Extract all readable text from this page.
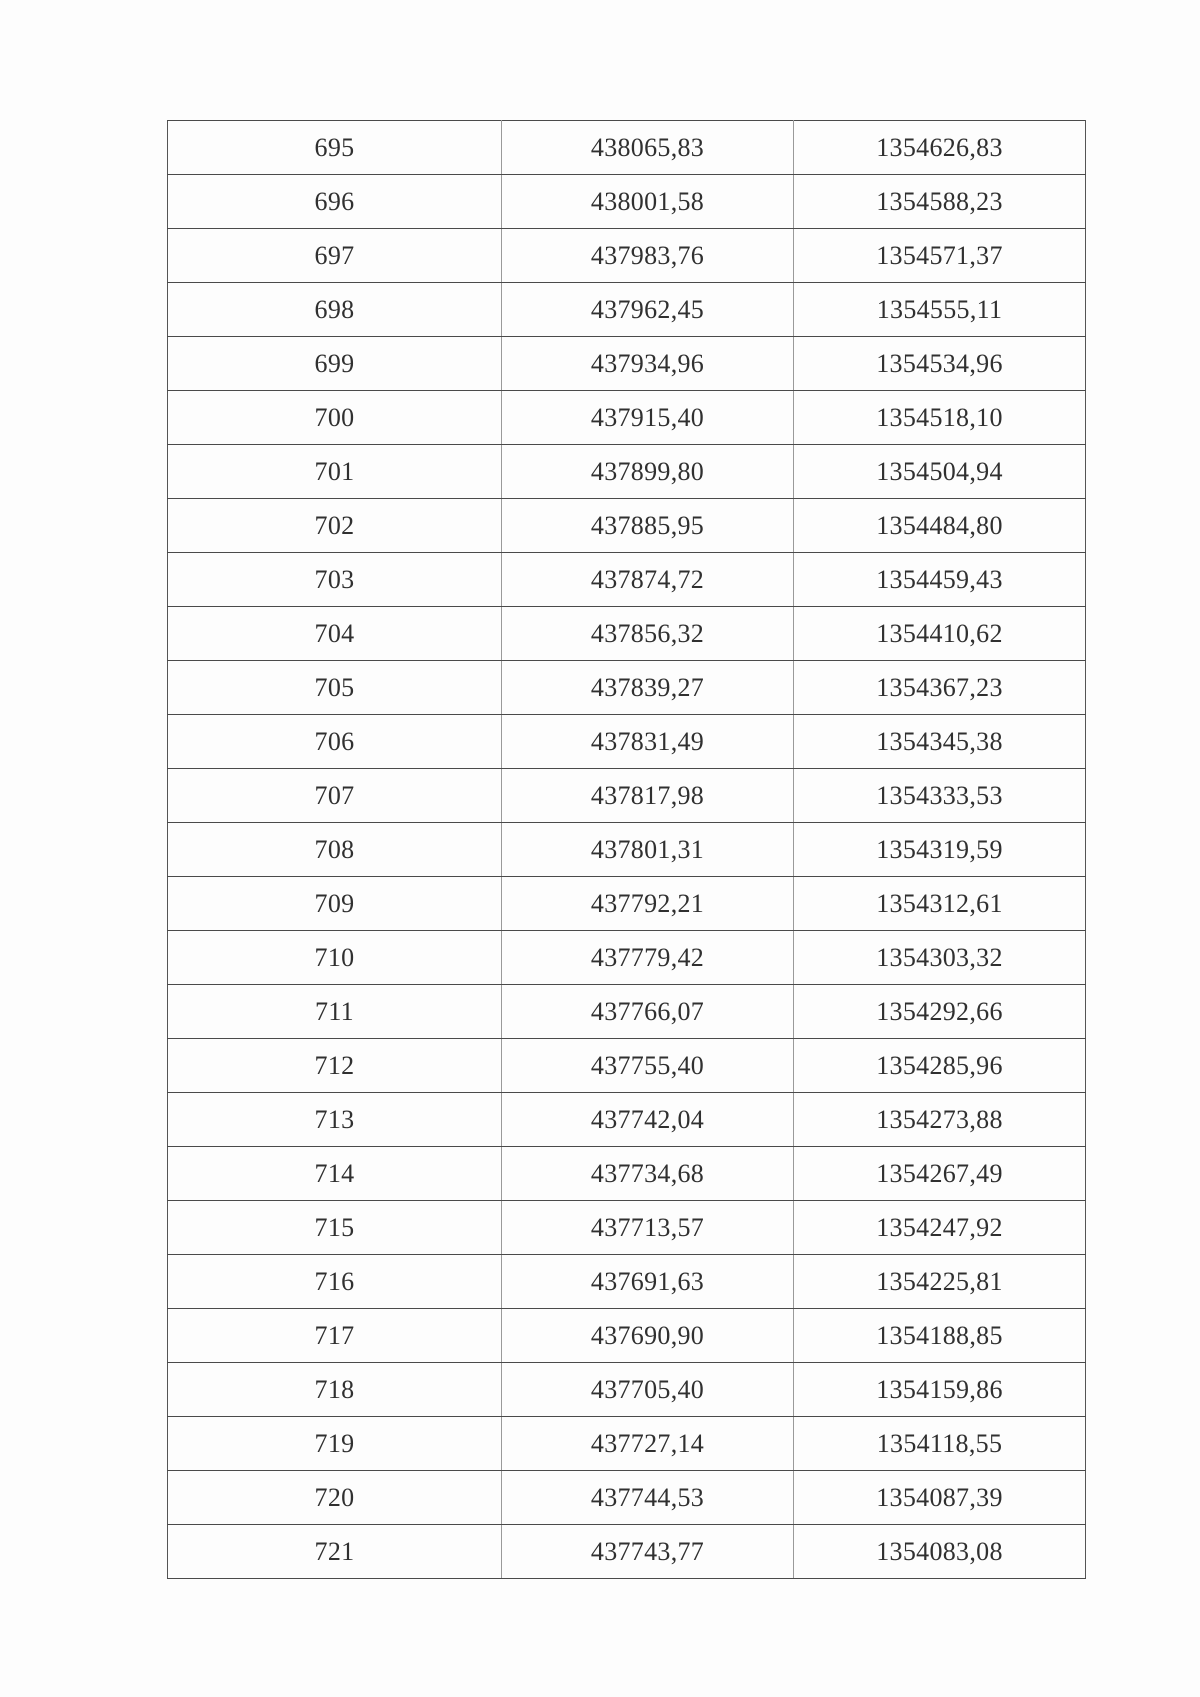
695	438065,83	1354626,83
696	438001,58	1354588,23
697	437983,76	1354571,37
698	437962,45	1354555,11
699	437934,96	1354534,96
700	437915,40	1354518,10
701	437899,80	1354504,94
702	437885,95	1354484,80
703	437874,72	1354459,43
704	437856,32	1354410,62
705	437839,27	1354367,23
706	437831,49	1354345,38
707	437817,98	1354333,53
708	437801,31	1354319,59
709	437792,21	1354312,61
710	437779,42	1354303,32
711	437766,07	1354292,66
712	437755,40	1354285,96
713	437742,04	1354273,88
714	437734,68	1354267,49
715	437713,57	1354247,92
716	437691,63	1354225,81
717	437690,90	1354188,85
718	437705,40	1354159,86
719	437727,14	1354118,55
720	437744,53	1354087,39
721	437743,77	1354083,08
